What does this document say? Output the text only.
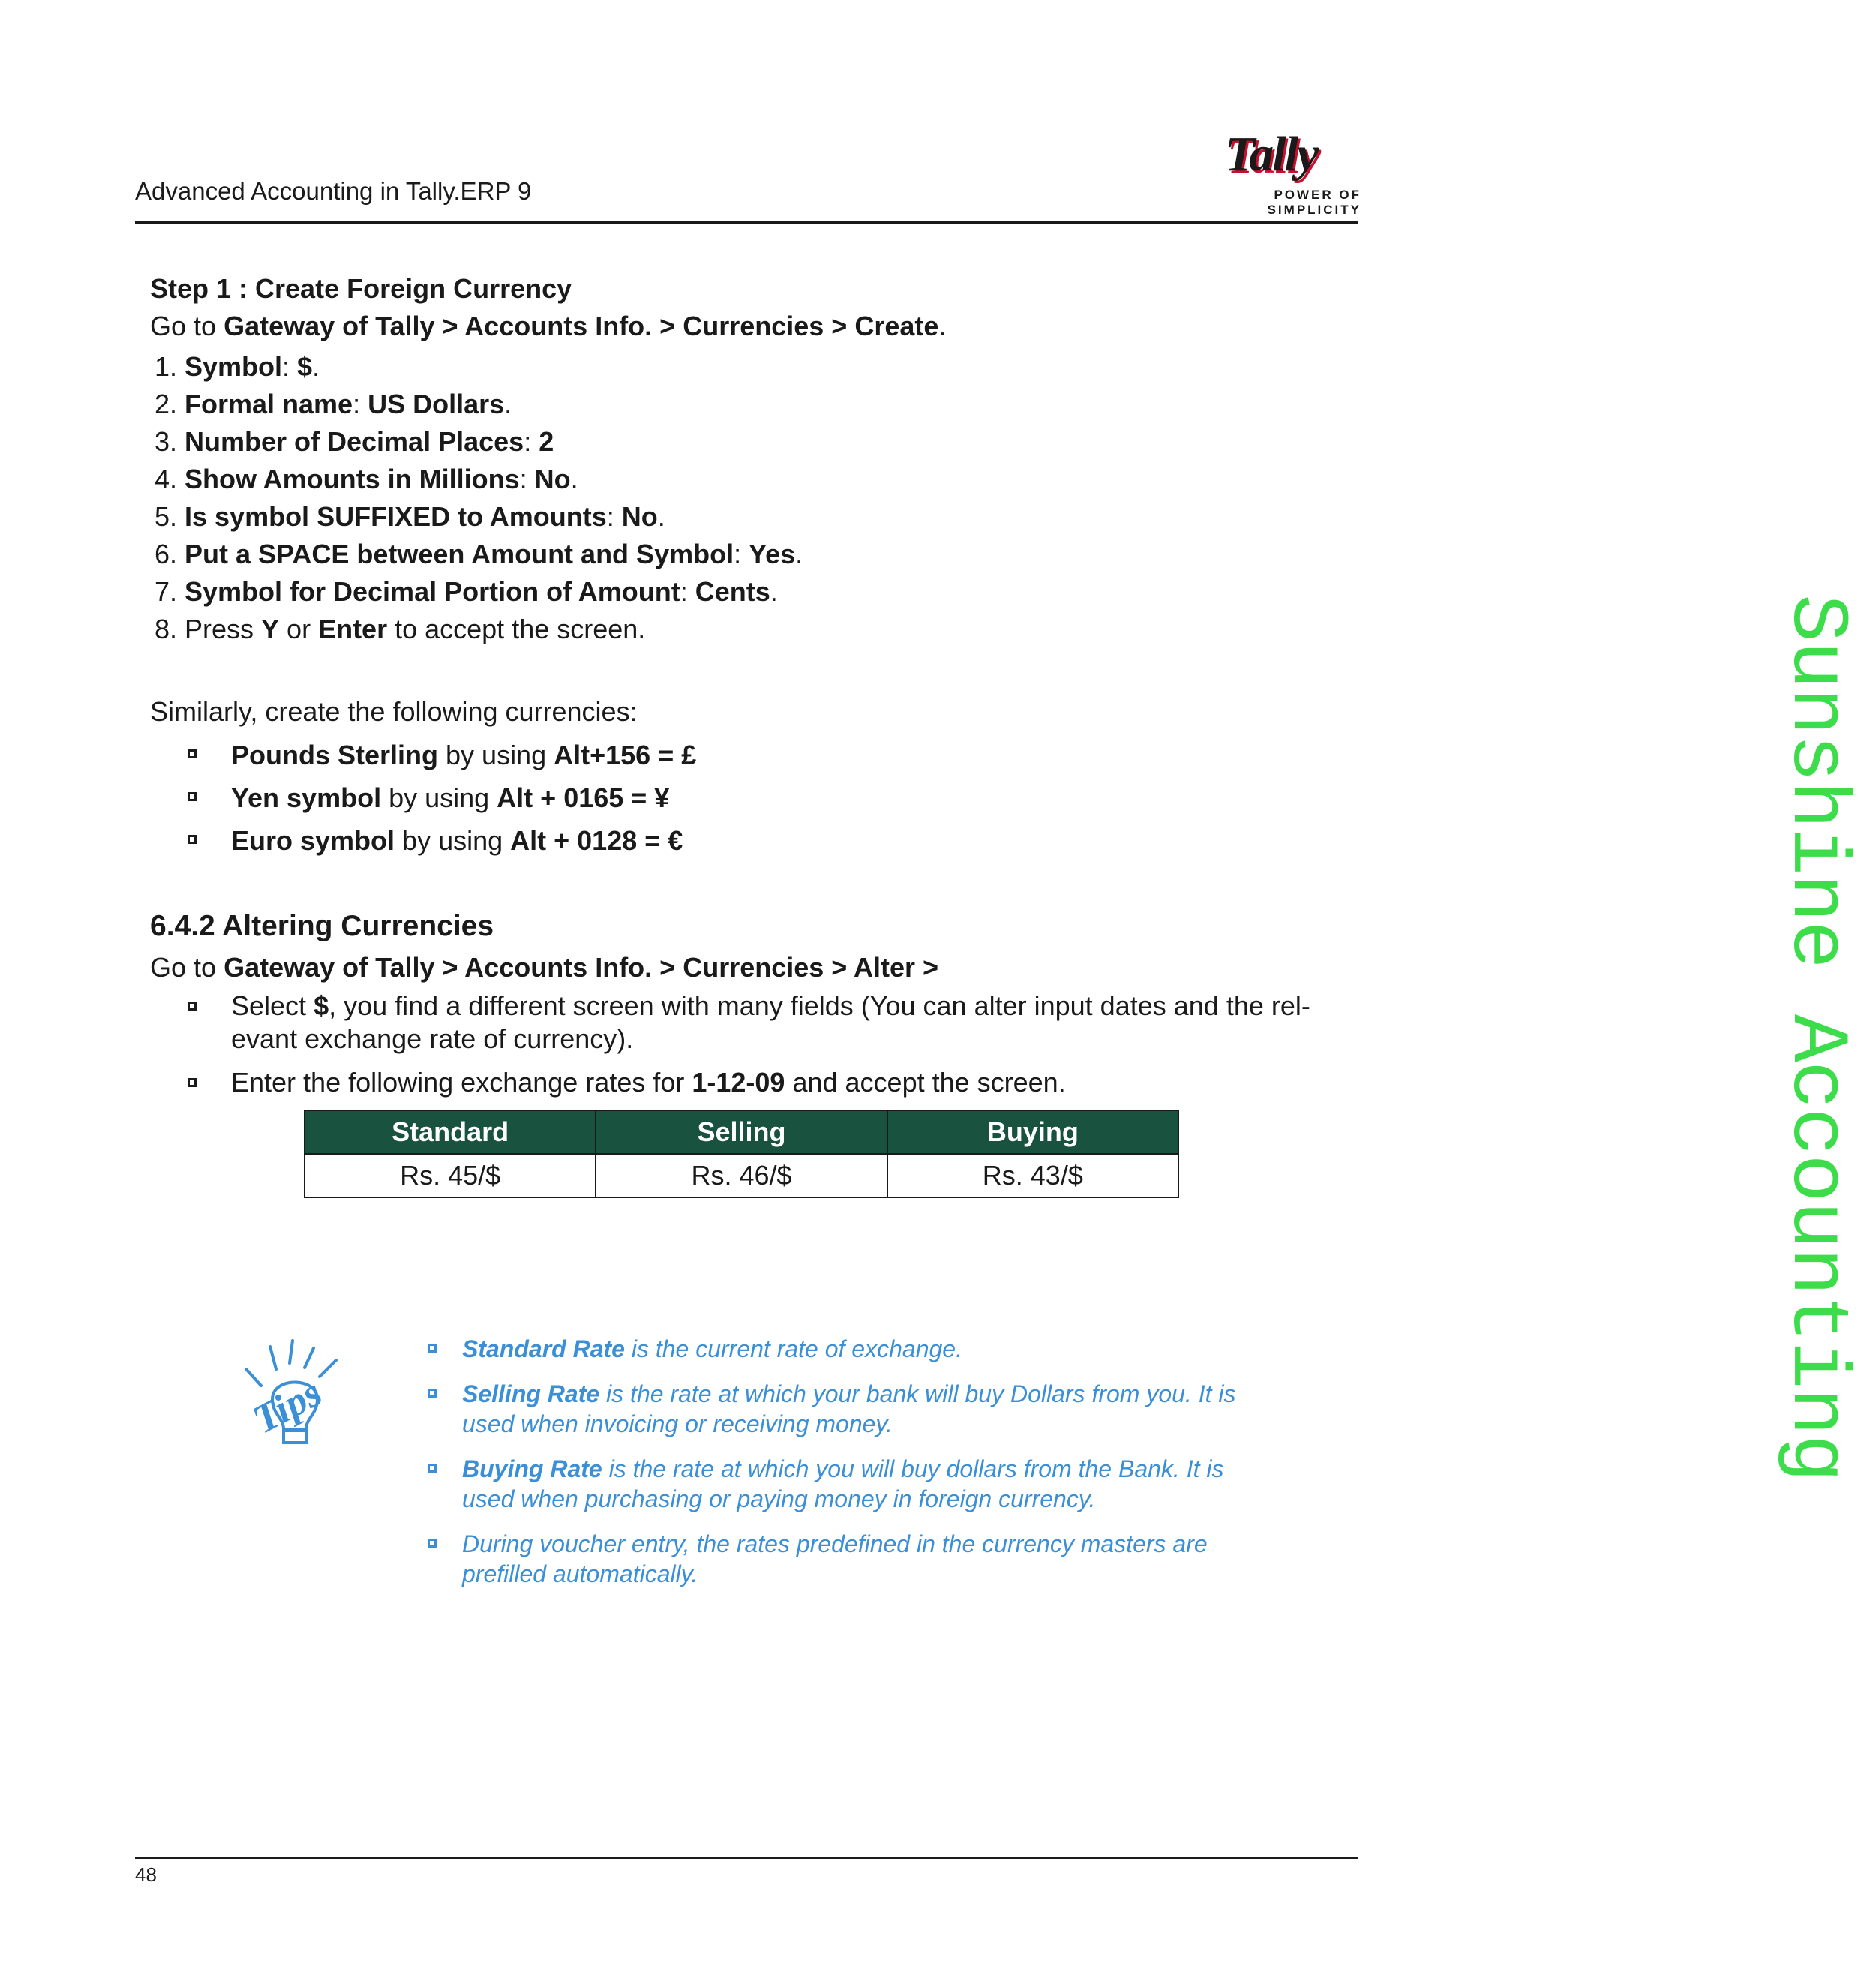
Advanced Accounting in Tally.ERP 9
Tally
POWER OF SIMPLICITY

Step 1 : Create Foreign Currency

Go to Gateway of Tally > Accounts Info. > Currencies > Create.

1. Symbol: $.
2. Formal name: US Dollars.
3. Number of Decimal Places: 2
4. Show Amounts in Millions: No.
5. Is symbol SUFFIXED to Amounts: No.
6. Put a SPACE between Amount and Symbol: Yes.
7. Symbol for Decimal Portion of Amount: Cents.
8. Press Y or Enter to accept the screen.

Similarly, create the following currencies:

Pounds Sterling by using Alt+156 = £
Yen symbol by using Alt + 0165 = ¥
Euro symbol by using Alt + 0128 = €

6.4.2 Altering Currencies

Go to Gateway of Tally > Accounts Info. > Currencies > Alter >

Select $, you find a different screen with many fields (You can alter input dates and the rel-
evant exchange rate of currency).
Enter the following exchange rates for 1-12-09 and accept the screen.
Standard	Selling	Buying
Rs. 45/$	Rs. 46/$	Rs. 43/$
Tips
Standard Rate is the current rate of exchange.
Selling Rate is the rate at which your bank will buy Dollars from you. It is used when invoicing or receiving money.
Buying Rate is the rate at which you will buy dollars from the Bank. It is used when purchasing or paying money in foreign currency.
During voucher entry, the rates predefined in the currency masters are prefilled automatically.
Sunshine Accounting
48
